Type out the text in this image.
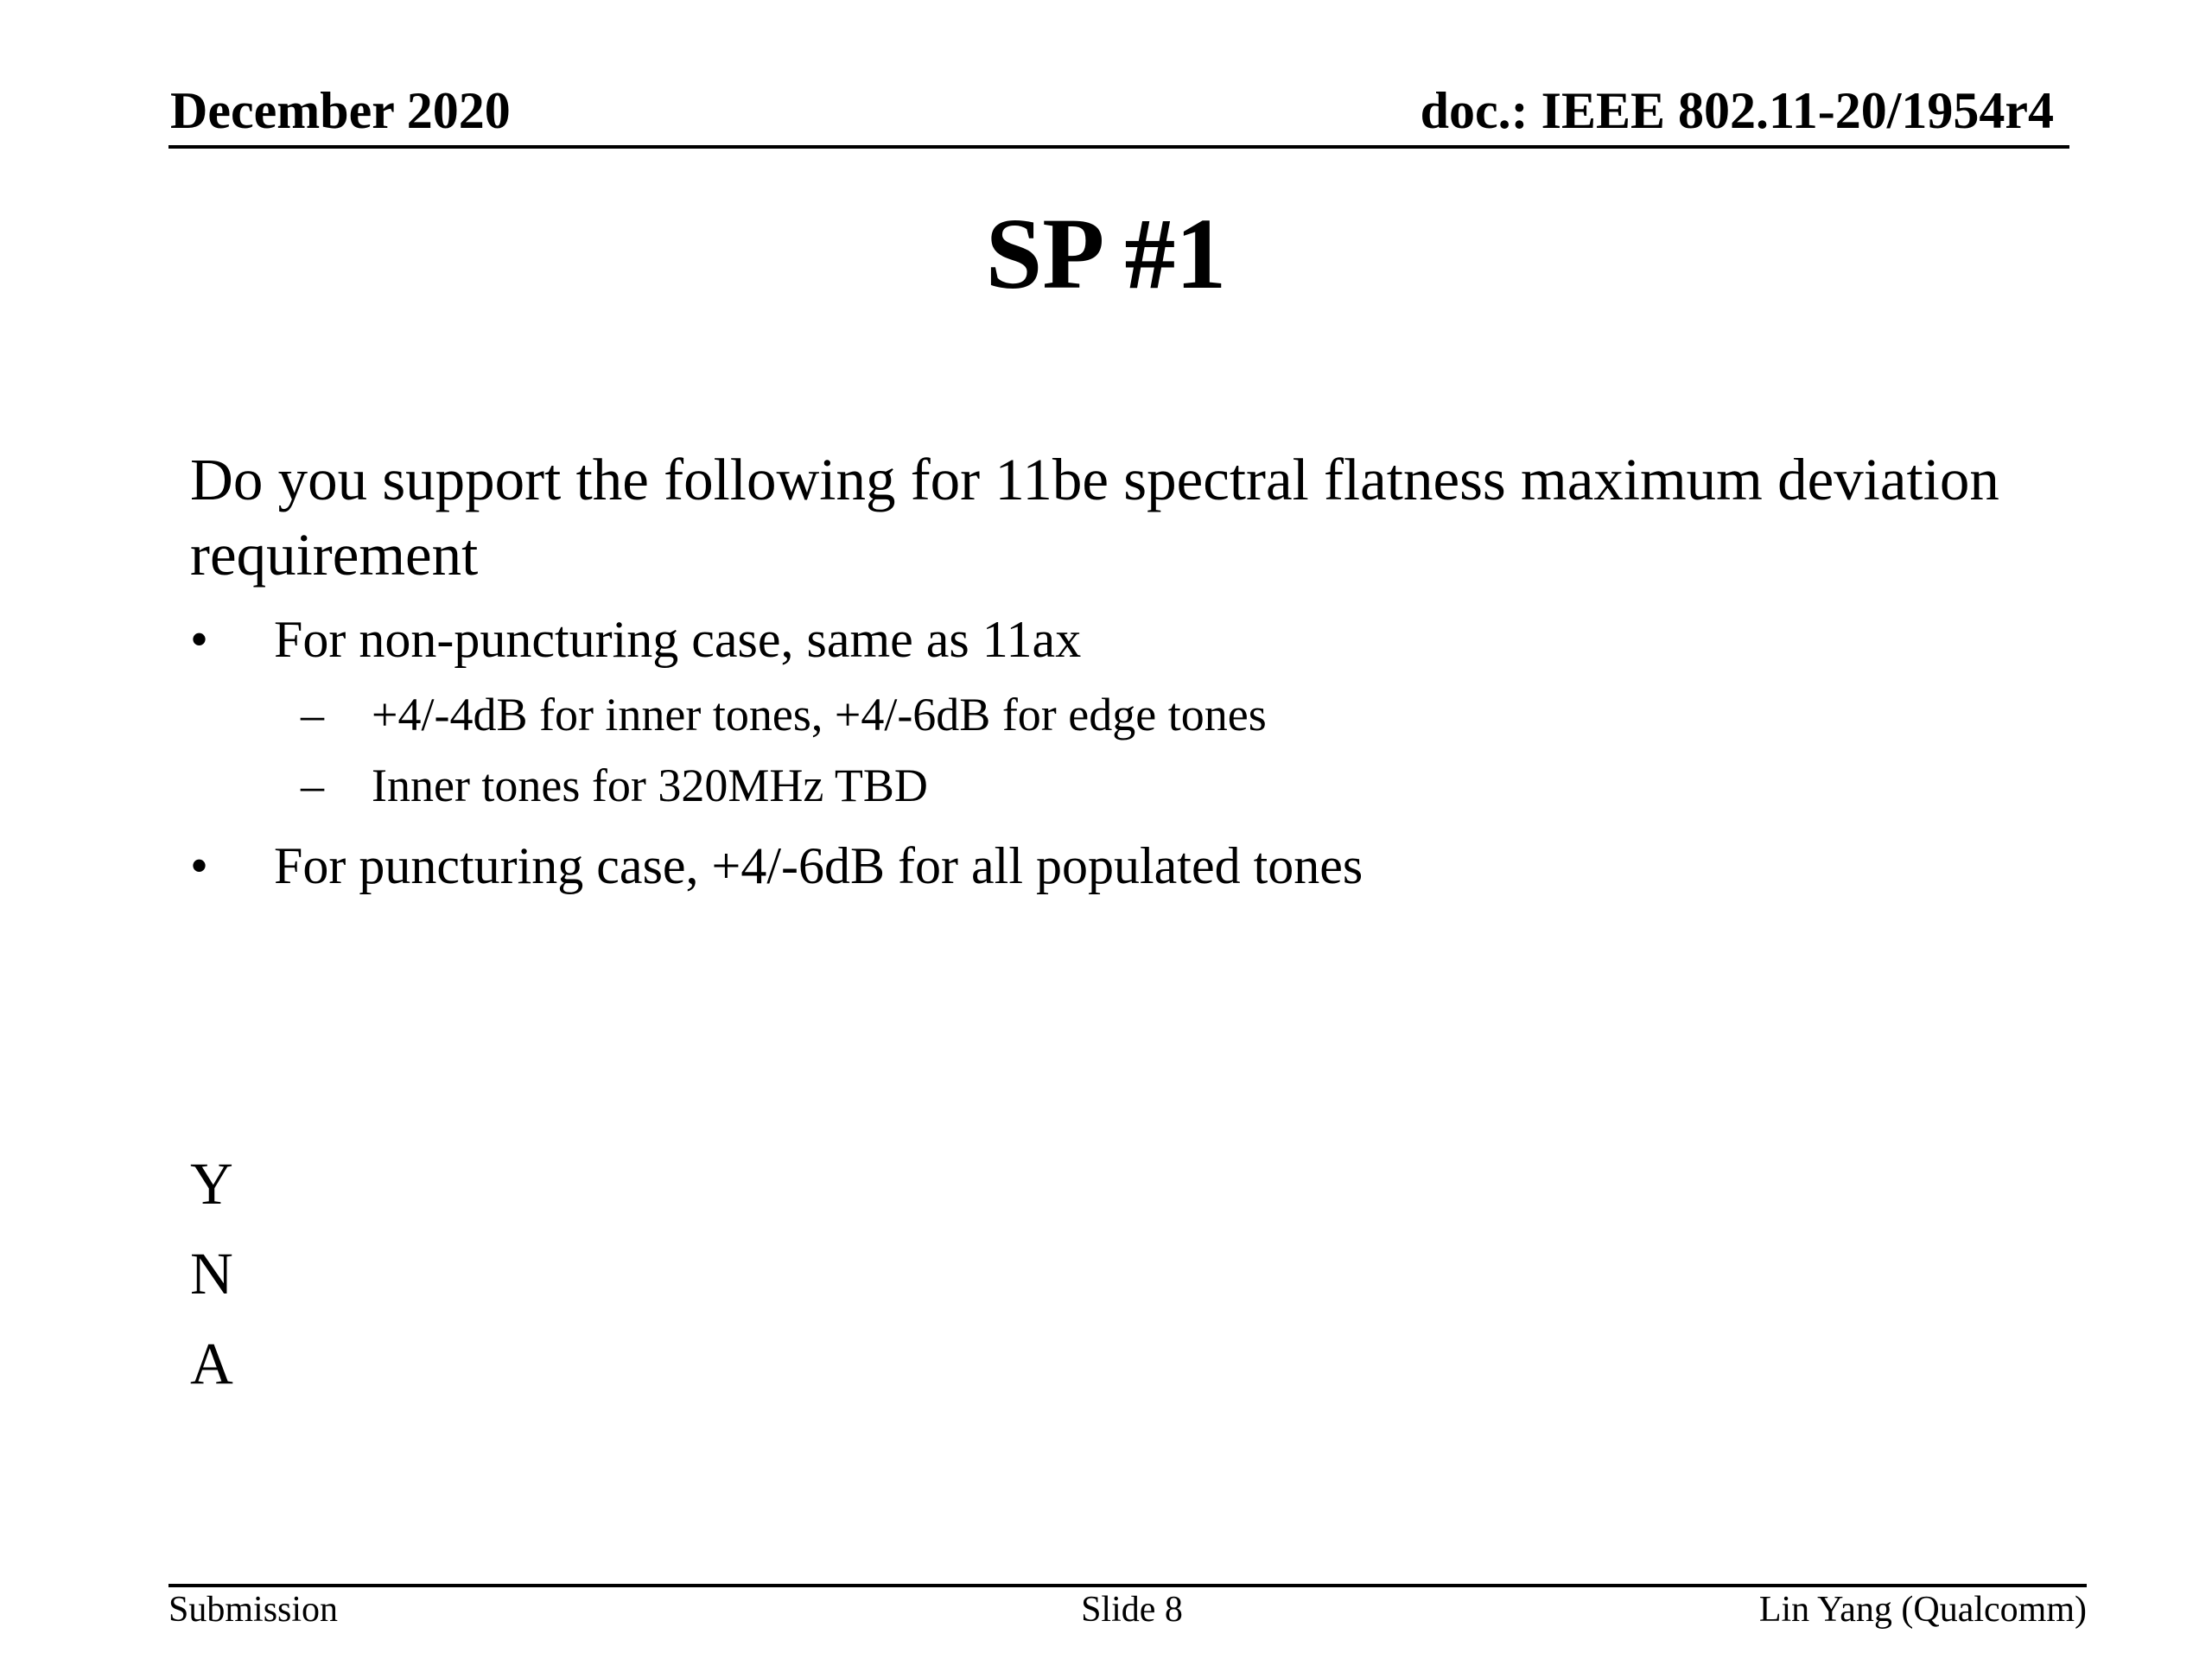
December 2020	doc.: IEEE 802.11-20/1954r4
SP #1

Do you support the following for 11be spectral flatness maximum deviation requirement

• For non-puncturing case, same as 11ax
– +4/-4dB for inner tones, +4/-6dB for edge tones
– Inner tones for 320MHz TBD
• For puncturing case, +4/-6dB for all populated tones
Y
N
A
Submission	Slide 8	Lin Yang (Qualcomm)
